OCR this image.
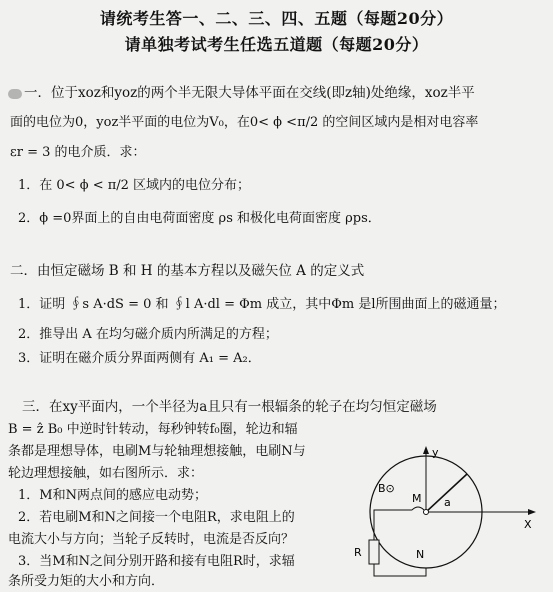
请统考生答一、二、三、四、五题（每题20分）
请单独考试考生任选五道题（每题20分）
一．位于xoz和yoz的两个半无限大导体平面在交线(即z轴)处绝缘，xoz半平
面的电位为0，yoz半平面的电位为V₀，在0< ϕ <π/2 的空间区域内是相对电容率
εr = 3 的电介质．求：
1．在 0< ϕ < π/2 区域内的电位分布；
2．ϕ =0界面上的自由电荷面密度 ρs 和极化电荷面密度 ρps．
二．由恒定磁场 B 和 H 的基本方程以及磁矢位 A 的定义式
1．证明 ∮s A·dS = 0 和 ∮l A·dl = Φm 成立，其中Φm 是l所围曲面上的磁通量；
2．推导出 A 在均匀磁介质内所满足的方程；
3．证明在磁介质分界面两侧有 A₁ = A₂．
三．在xy平面内，一个半径为a且只有一根辐条的轮子在均匀恒定磁场
B = ẑ B₀ 中逆时针转动，每秒钟转f₀圈，轮边和辐
条都是理想导体，电刷M与轮轴理想接触，电刷N与
轮边理想接触，如右图所示．求：
1．M和N两点间的感应电动势；
2．若电刷M和N之间接一个电阻R，求电阻上的
电流大小与方向；当轮子反转时，电流是否反向？
3．当M和N之间分别开路和接有电阻R时，求辐
条所受力矩的大小和方向．
y
X
B⊙
M a
N
R
